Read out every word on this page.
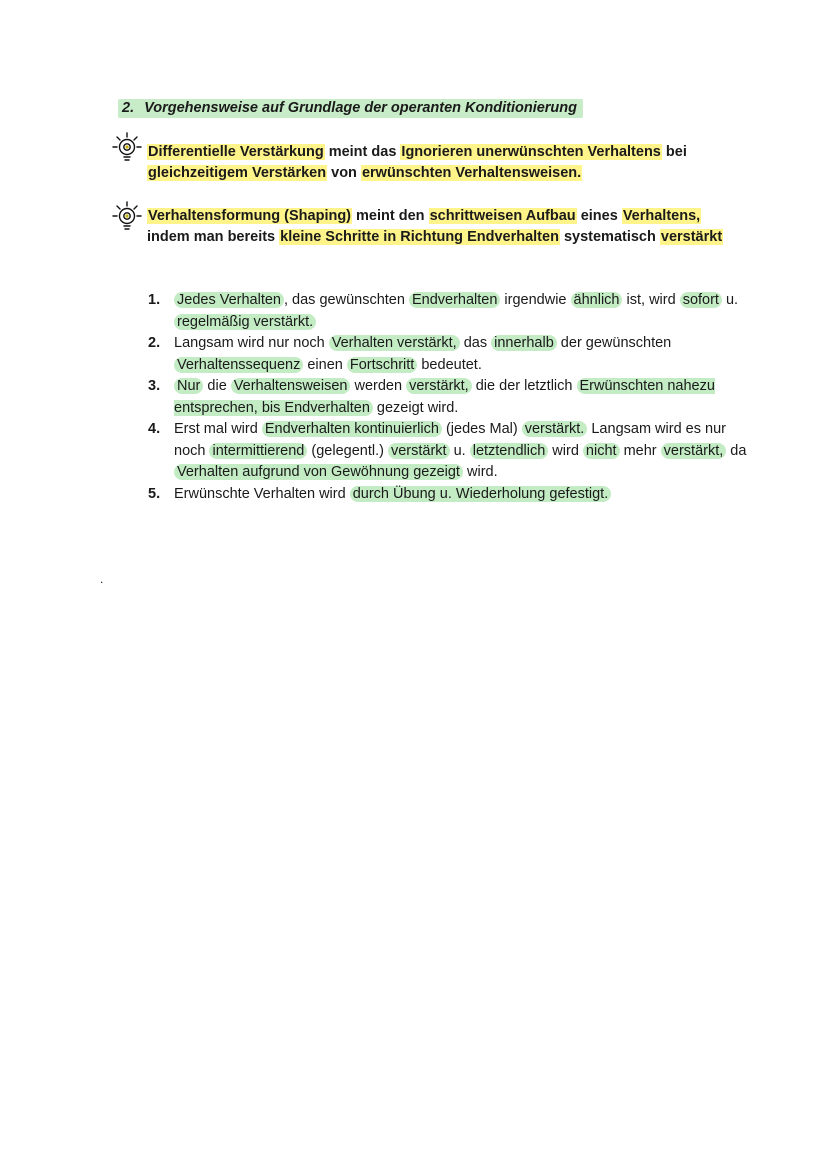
2. Vorgehensweise auf Grundlage der operanten Konditionierung
Differentielle Verstärkung meint das Ignorieren unerwünschten Verhaltens bei gleichzeitigem Verstärken von erwünschten Verhaltensweisen.
Verhaltensformung (Shaping) meint den schrittweisen Aufbau eines Verhaltens, indem man bereits kleine Schritte in Richtung Endverhalten systematisch verstärkt
1. Jedes Verhalten , das gewünschten Endverhalten irgendwie ähnlich ist, wird sofort u. regelmäßig verstärkt.
2. Langsam wird nur noch Verhalten verstärkt, das innerhalb der gewünschten Verhaltenssequenz einen Fortschritt bedeutet.
3. Nur die Verhaltensweisen werden verstärkt, die der letztlich Erwünschten nahezu entsprechen, bis Endverhalten gezeigt wird.
4. Erst mal wird Endverhalten kontinuierlich (jedes Mal) verstärkt. Langsam wird es nur noch intermittierend (gelegentl.) verstärkt u. letztendlich wird nicht mehr verstärkt, da Verhalten aufgrund von Gewöhnung gezeigt wird.
5. Erwünschte Verhalten wird durch Übung u. Wiederholung gefestigt.
.
